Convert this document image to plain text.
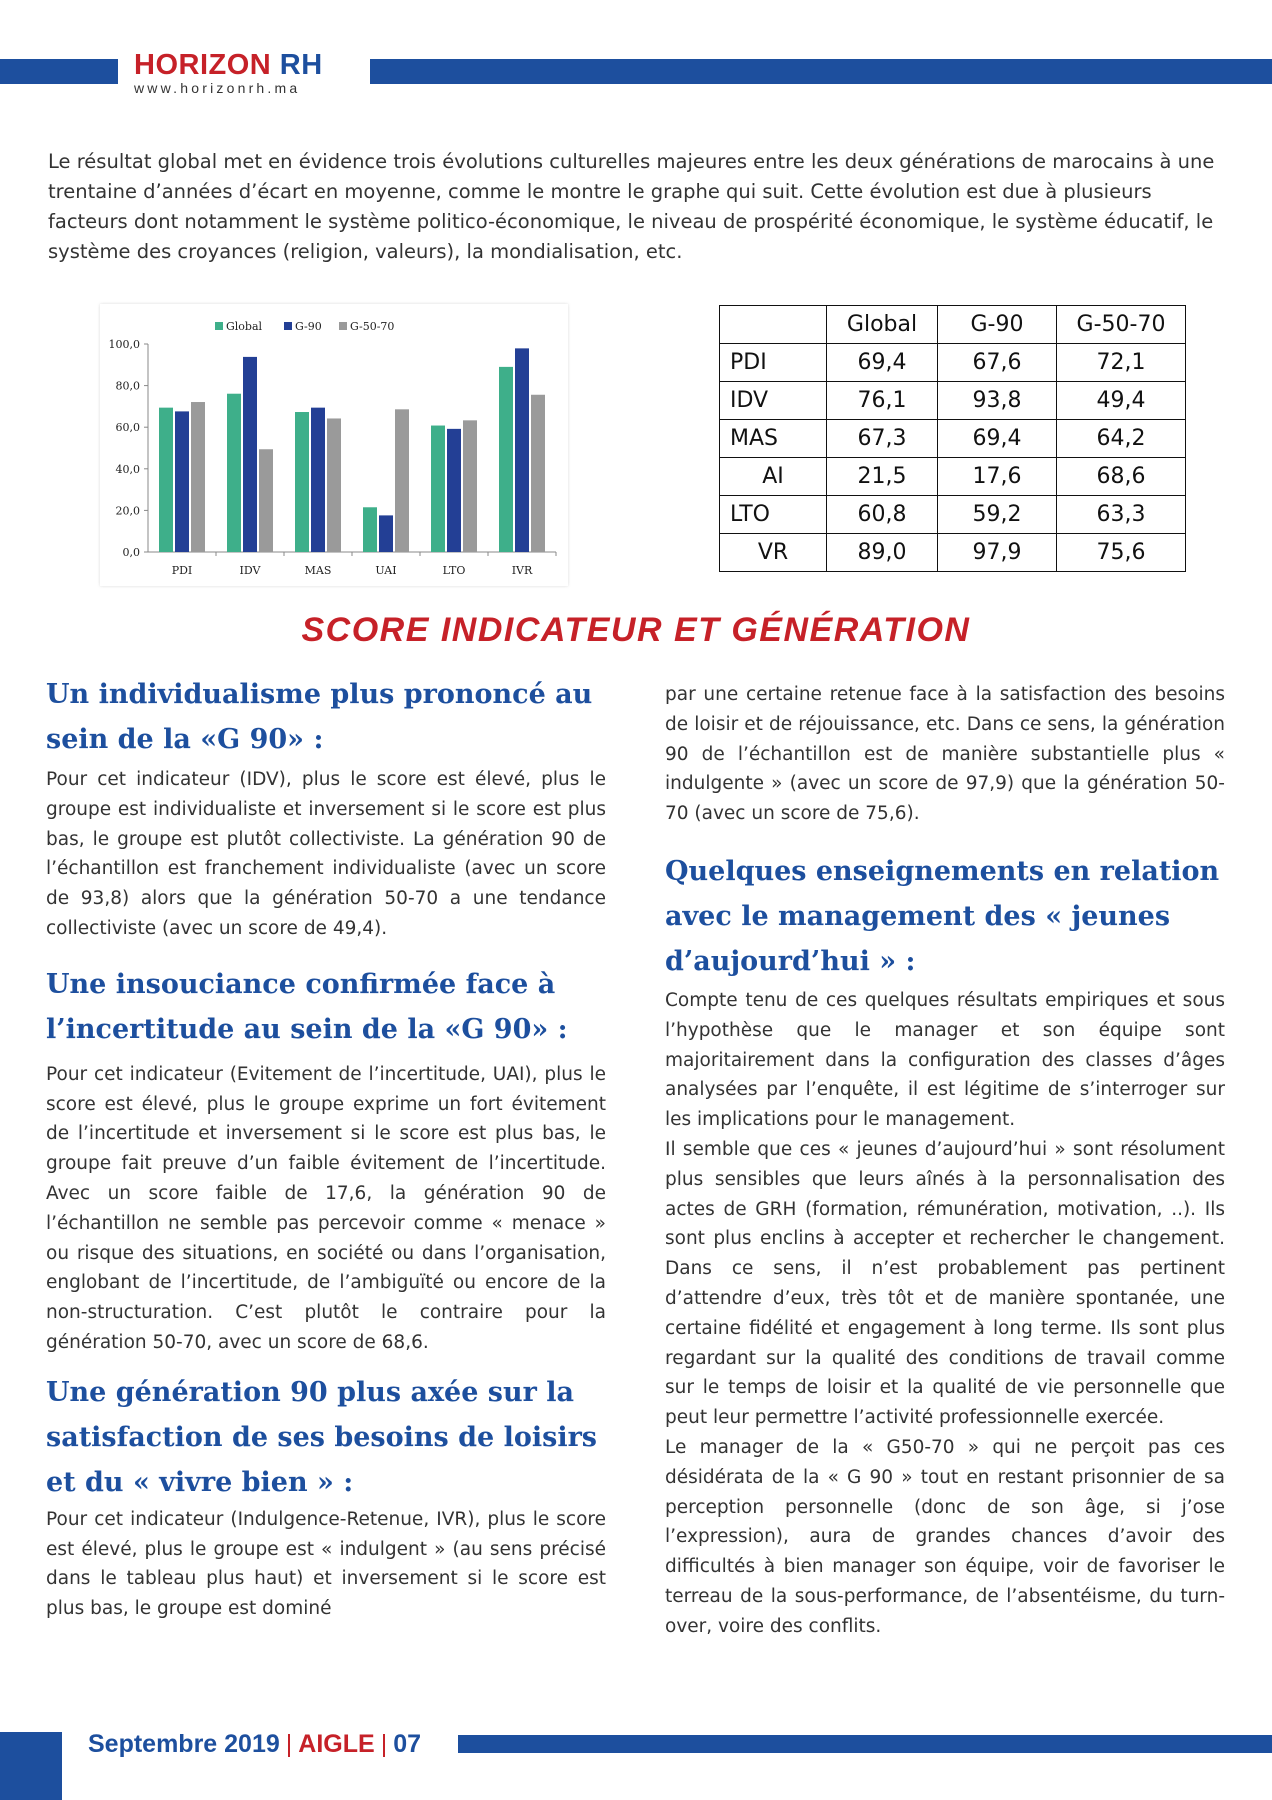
HORIZON RH
www.horizonrh.ma
Le résultat global met en évidence trois évolutions culturelles majeures entre les deux générations de marocains à une trentaine d’années d’écart en moyenne, comme le montre le graphe qui suit. Cette évolution est due à plusieurs facteurs dont notamment le système politico-économique, le niveau de prospérité économique, le système éducatif, le système des croyances (religion, valeurs), la mondialisation, etc.
0,0
20,0
40,0
60,0
80,0
100,0
PDI	IDV	MAS	UAI	LTO	IVR
Global	G-90	G-50-70
		Global	G-90	G-50-70
PDI	69,4	67,6	72,1
IDV	76,1	93,8	49,4
MAS	67,3	69,4	64,2
AI	21,5	17,6	68,6
LTO	60,8	59,2	63,3
VR	89,0	97,9	75,6
SCORE INDICATEUR ET GÉNÉRATION
Un individualisme plus prononcé au sein de la «G 90» :

Pour cet indicateur (IDV), plus le score est élevé, plus le groupe est individualiste et inversement si le score est plus bas, le groupe est plutôt collectiviste. La génération 90 de l’échantillon est franchement individualiste (avec un score de 93,8) alors que la génération 50-70 a une tendance collectiviste (avec un score de 49,4).

Une insouciance confirmée face à l’incertitude au sein de la «G 90» :

Pour cet indicateur (Evitement de l’incertitude, UAI), plus le score est élevé, plus le groupe exprime un fort évitement de l’incertitude et inversement si le score est plus bas, le groupe fait preuve d’un faible évitement de l’incertitude. Avec un score faible de 17,6, la génération 90 de l’échantillon ne semble pas percevoir comme « menace » ou risque des situations, en société ou dans l’organisation, englobant de l’incertitude, de l’ambiguïté ou encore de la non-structuration. C’est plutôt le contraire pour la génération 50-70, avec un score de 68,6.

Une génération 90 plus axée sur la satisfaction de ses besoins de loisirs et du « vivre bien » :

Pour cet indicateur (Indulgence-Retenue, IVR), plus le score est élevé, plus le groupe est « indulgent » (au sens précisé dans le tableau plus haut) et inversement si le score est plus bas, le groupe est dominé

par une certaine retenue face à la satisfaction des besoins de loisir et de réjouissance, etc. Dans ce sens, la génération 90 de l’échantillon est de manière substantielle plus « indulgente » (avec un score de 97,9) que la génération 50-70 (avec un score de 75,6).

Quelques enseignements en relation avec le management des « jeunes d’aujourd’hui » :

Compte tenu de ces quelques résultats empiriques et sous l’hypothèse que le manager et son équipe sont majoritairement dans la configuration des classes d’âges analysées par l’enquête, il est légitime de s’interroger sur les implications pour le management.

Il semble que ces « jeunes d’aujourd’hui » sont résolument plus sensibles que leurs aînés à la personnalisation des actes de GRH (formation, rémunération, motivation, ..). Ils sont plus enclins à accepter et rechercher le changement. Dans ce sens, il n’est probablement pas pertinent d’attendre d’eux, très tôt et de manière spontanée, une certaine fidélité et engagement à long terme. Ils sont plus regardant sur la qualité des conditions de travail comme sur le temps de loisir et la qualité de vie personnelle que peut leur permettre l’activité professionnelle exercée.

Le manager de la « G50-70 » qui ne perçoit pas ces désidérata de la « G 90 » tout en restant prisonnier de sa perception personnelle (donc de son âge, si j’ose l’expression), aura de grandes chances d’avoir des difficultés à bien manager son équipe, voir de favoriser le terreau de la sous-performance, de l’absentéisme, du turn-over, voire des conflits.

Septembre 2019 | AIGLE | 07
